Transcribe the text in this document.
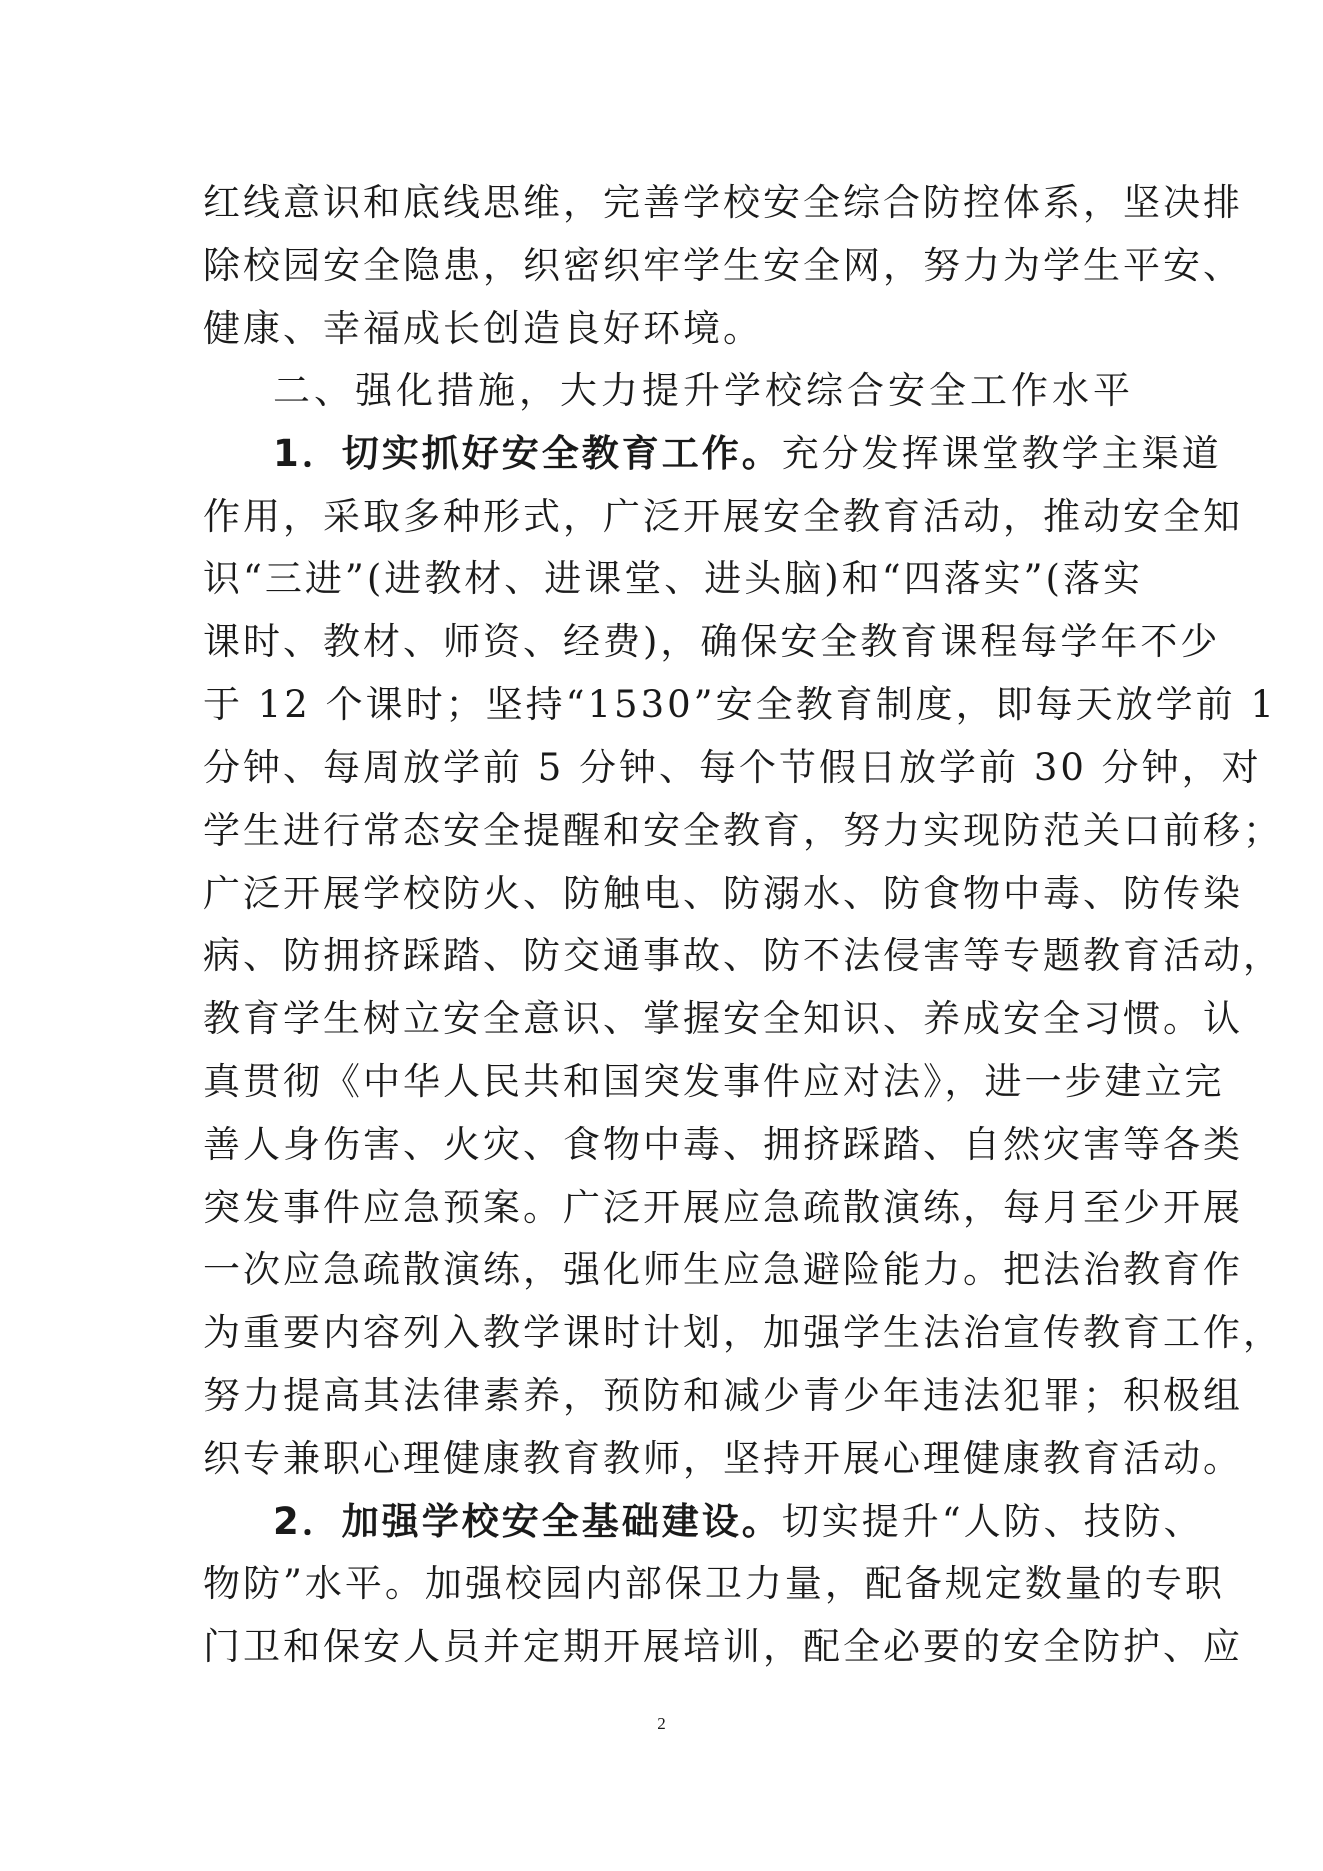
红线意识和底线思维，完善学校安全综合防控体系，坚决排
除校园安全隐患，织密织牢学生安全网，努力为学生平安、
健康、幸福成长创造良好环境。
二、强化措施，大力提升学校综合安全工作水平
1．切实抓好安全教育工作。充分发挥课堂教学主渠道
作用，采取多种形式，广泛开展安全教育活动，推动安全知
识“三进”(进教材、进课堂、进头脑)和“四落实”(落实
课时、教材、师资、经费)，确保安全教育课程每学年不少
于 12 个课时；坚持“1530”安全教育制度，即每天放学前 1
分钟、每周放学前 5 分钟、每个节假日放学前 30 分钟，对
学生进行常态安全提醒和安全教育，努力实现防范关口前移；
广泛开展学校防火、防触电、防溺水、防食物中毒、防传染
病、防拥挤踩踏、防交通事故、防不法侵害等专题教育活动，
教育学生树立安全意识、掌握安全知识、养成安全习惯。认
真贯彻《中华人民共和国突发事件应对法》，进一步建立完
善人身伤害、火灾、食物中毒、拥挤踩踏、自然灾害等各类
突发事件应急预案。广泛开展应急疏散演练，每月至少开展
一次应急疏散演练，强化师生应急避险能力。把法治教育作
为重要内容列入教学课时计划，加强学生法治宣传教育工作，
努力提高其法律素养，预防和减少青少年违法犯罪；积极组
织专兼职心理健康教育教师，坚持开展心理健康教育活动。
2．加强学校安全基础建设。切实提升“人防、技防、
物防”水平。加强校园内部保卫力量，配备规定数量的专职
门卫和保安人员并定期开展培训，配全必要的安全防护、应
2
